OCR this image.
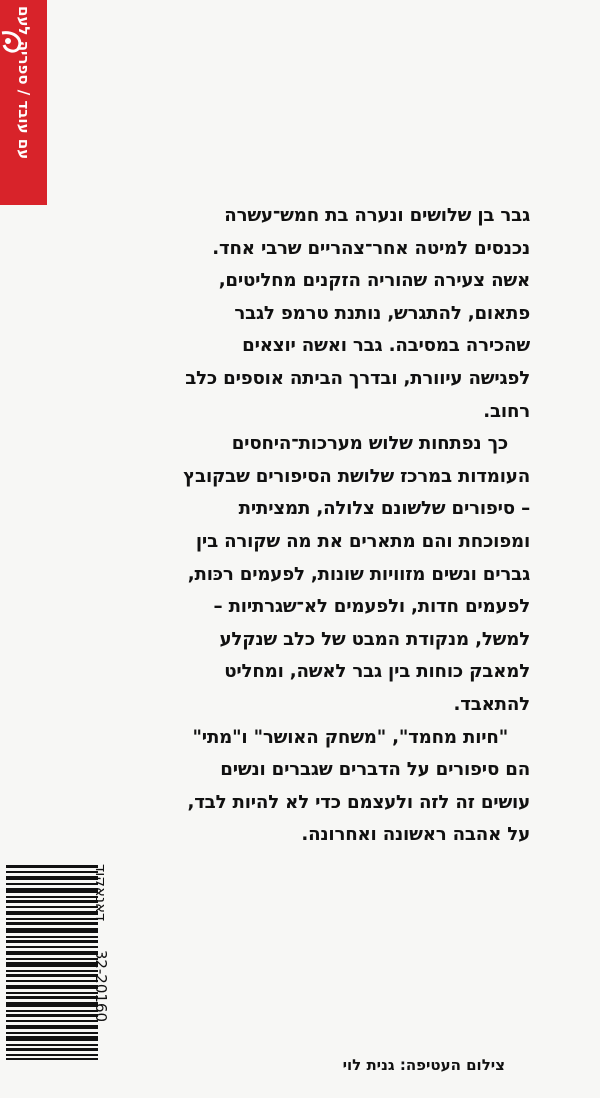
עם עובד / ספריה לעם

גבר בן שלושים ונערה בת חמש־עשרה נכנסים למיטה אחר־צהריים שרבי אחד. אשה צעירה שהוריה הזקנים מחליטים, פתאום, להתגרש, נותנת טרמפ לגבר שהכירה במסיבה. גבר ואשה יוצאים לפגישה עיוורת, ובדרך הביתה אוספים כלב רחוב.

כך נפתחות שלוש מערכות־היחסים העומדות במרכז שלושת הסיפורים שבקובץ – סיפורים שלשונם צלולה, תמציתית ומפוכחת והם מתארים את מה שקורה בין גברים ונשים מזוויות שונות, לפעמים רכּות, לפעמים חדות, ולפעמים לא־שגרתיות – למשל, מנקודת המבט של כלב שנקלע למאבק כוחות בין גבר לאשה, ומחליט להתאבד.

"חיות מחמד", "משחק האושר" ו"מתי" הם סיפורים על הדברים שגברים ונשים עושים זה לזה ולעצמם כדי לא להיות לבד, על אהבה ראשונה ואחרונה.

דאנאקוד      32-20160
צילום העטיפה: גנית לוי
